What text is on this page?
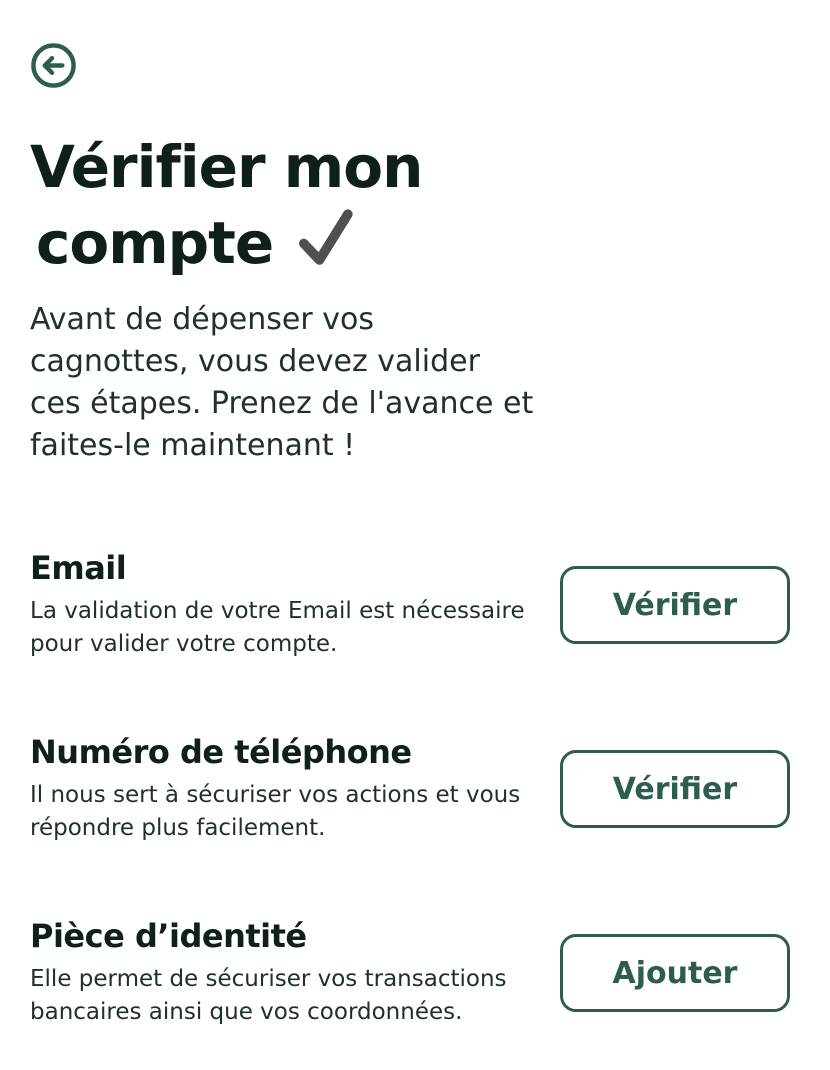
Vérifier mon
compte

Avant de dépenser vos cagnottes, vous devez valider ces étapes. Prenez de l'avance et faites-le maintenant !

Email

La validation de votre Email est nécessaire pour valider votre compte.

Vérifier
Numéro de téléphone

Il nous sert à sécuriser vos actions et vous répondre plus facilement.

Vérifier
Pièce d’identité

Elle permet de sécuriser vos transactions bancaires ainsi que vos coordonnées.

Ajouter
